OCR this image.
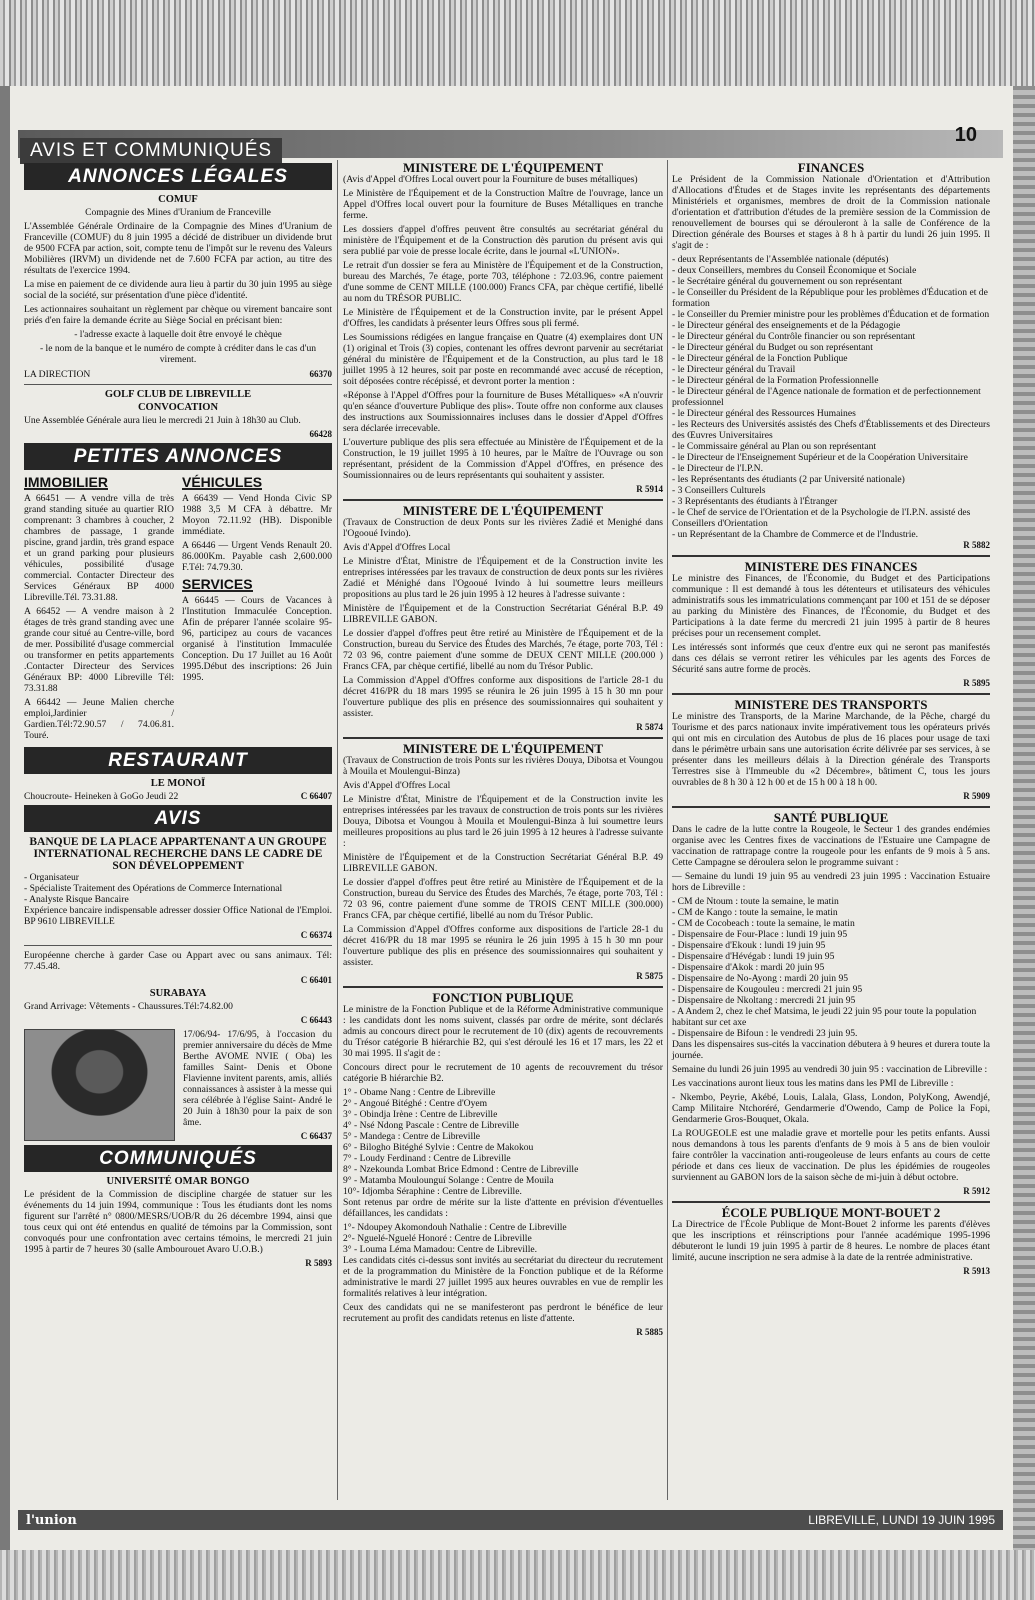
AVIS ET COMMUNIQUÉS
10
ANNONCES LÉGALES
COMUF

Compagnie des Mines d'Uranium de Franceville

L'Assemblée Générale Ordinaire de la Compagnie des Mines d'Uranium de Franceville (COMUF) du 8 juin 1995 a décidé de distribuer un dividende brut de 9500 FCFA par action, soit, compte tenu de l'impôt sur le revenu des Valeurs Mobilières (IRVM) un dividende net de 7.600 FCFA par action, au titre des résultats de l'exercice 1994.

La mise en paiement de ce dividende aura lieu à partir du 30 juin 1995 au siège social de la société, sur présentation d'une pièce d'identité.

Les actionnaires souhaitant un règlement par chèque ou virement bancaire sont priés d'en faire la demande écrite au Siège Social en précisant bien:

- l'adresse exacte à laquelle doit être envoyé le chèque

- le nom de la banque et le numéro de compte à créditer dans le cas d'un virement.

LA DIRECTION	66370
GOLF CLUB DE LIBREVILLE
CONVOCATION

Une Assemblée Générale aura lieu le mercredi 21 Juin à 18h30 au Club.

66428
PETITES ANNONCES
IMMOBILIER

A 66451 — A vendre villa de très grand standing située au quartier RIO comprenant: 3 chambres à coucher, 2 chambres de passage, 1 grande piscine, grand jardin, très grand espace et un grand parking pour plusieurs véhicules, possibilité d'usage commercial. Contacter Directeur des Services Généraux BP 4000 Libreville.Tél. 73.31.88.

A 66452 — A vendre maison à 2 étages de très grand standing avec une grande cour situé au Centre-ville, bord de mer. Possibilité d'usage commercial ou transformer en petits appartements .Contacter Directeur des Services Généraux BP: 4000 Libreville Tél: 73.31.88

A 66442 — Jeune Malien cherche emploi,Jardinier / Gardien.Tél:72.90.57 / 74.06.81. Touré.

VÉHICULES

A 66439 — Vend Honda Civic SP 1988 3,5 M CFA à débattre. Mr Moyon 72.11.92 (HB). Disponible immédiate.

A 66446 — Urgent Vends Renault 20. 86.000Km. Payable cash 2,600.000 F.Tél: 74.79.30.

SERVICES

A 66445 — Cours de Vacances à l'Institution Immaculée Conception. Afin de préparer l'année scolaire 95-96, participez au cours de vacances organisé à l'institution Immaculée Conception. Du 17 Juillet au 16 Août 1995.Début des inscriptions: 26 Juin 1995.

RESTAURANT
LE MONOÏ
Choucroute- Heineken à GoGo Jeudi 22	C 66407
AVIS
BANQUE DE LA PLACE APPARTENANT A UN GROUPE INTERNATIONAL RECHERCHE DANS LE CADRE DE SON DÉVELOPPEMENT
- Organisateur
- Spécialiste Traitement des Opérations de Commerce International
- Analyste Risque Bancaire

Expérience bancaire indispensable adresser dossier Office National de l'Emploi. BP 9610 LIBREVILLE

C 66374

Européenne cherche à garder Case ou Appart avec ou sans animaux. Tél: 77.45.48.

C 66401
SURABAYA

Grand Arrivage: Vêtements - Chaussures.Tél:74.82.00

C 66443

17/06/94- 17/6/95, à l'occasion du premier anniversaire du décès de Mme Berthe AVOME NVIE ( Oba) les familles Saint- Denis et Obone Flavienne invitent parents, amis, alliés connaissances à assister à la messe qui sera célébrée à l'église Saint- André le 20 Juin à 18h30 pour la paix de son âme.

C 66437
COMMUNIQUÉS
UNIVERSITÉ OMAR BONGO

Le président de la Commission de discipline chargée de statuer sur les événements du 14 juin 1994, communique : Tous les étudiants dont les noms figurent sur l'arrêté n° 0800/MESRS/UOB/R du 26 décembre 1994, ainsi que tous ceux qui ont été entendus en qualité de témoins par la Commission, sont convoqués pour une confrontation avec certains témoins, le mercredi 21 juin 1995 à partir de 7 heures 30 (salle Ambourouet Avaro U.O.B.)

R 5893
MINISTERE DE L'ÉQUIPEMENT

(Avis d'Appel d'Offres Local ouvert pour la Fourniture de buses métalliques)

Le Ministère de l'Équipement et de la Construction Maître de l'ouvrage, lance un Appel d'Offres local ouvert pour la fourniture de Buses Métalliques en tranche ferme.

Les dossiers d'appel d'offres peuvent être consultés au secrétariat général du ministère de l'Équipement et de la Construction dès parution du présent avis qui sera publié par voie de presse locale écrite, dans le journal «L'UNION».

Le retrait d'un dossier se fera au Ministère de l'Équipement et de la Construction, bureau des Marchés, 7e étage, porte 703, téléphone : 72.03.96, contre paiement d'une somme de CENT MILLE (100.000) Francs CFA, par chèque certifié, libellé au nom du TRÉSOR PUBLIC.

Le Ministère de l'Équipement et de la Construction invite, par le présent Appel d'Offres, les candidats à présenter leurs Offres sous pli fermé.

Les Soumissions rédigées en langue française en Quatre (4) exemplaires dont UN (1) original et Trois (3) copies, contenant les offres devront parvenir au secrétariat général du ministère de l'Équipement et de la Construction, au plus tard le 18 juillet 1995 à 12 heures, soit par poste en recommandé avec accusé de réception, soit déposées contre récépissé, et devront porter la mention :

«Réponse à l'Appel d'Offres pour la fourniture de Buses Métalliques» «A n'ouvrir qu'en séance d'ouverture Publique des plis». Toute offre non conforme aux clauses des instructions aux Soumissionnaires incluses dans le dossier d'Appel d'Offres sera déclarée irrecevable.

L'ouverture publique des plis sera effectuée au Ministère de l'Équipement et de la Construction, le 19 juillet 1995 à 10 heures, par le Maître de l'Ouvrage ou son représentant, président de la Commission d'Appel d'Offres, en présence des Soumissionnaires ou de leurs représentants qui souhaitent y assister.

R 5914
MINISTERE DE L'ÉQUIPEMENT

(Travaux de Construction de deux Ponts sur les rivières Zadié et Menighé dans l'Ogooué Ivindo).

Avis d'Appel d'Offres Local

Le Ministre d'État, Ministre de l'Équipement et de la Construction invite les entreprises intéressées par les travaux de construction de deux ponts sur les rivières Zadié et Ménighé dans l'Ogooué Ivindo à lui soumettre leurs meilleurs propositions au plus tard le 26 juin 1995 à 12 heures à l'adresse suivante :

Ministère de l'Équipement et de la Construction Secrétariat Général B.P. 49 LIBREVILLE GABON.

Le dossier d'appel d'offres peut être retiré au Ministère de l'Équipement et de la Construction, bureau du Service des Études des Marchés, 7e étage, porte 703, Tél : 72 03 96, contre paiement d'une somme de DEUX CENT MILLE (200.000 ) Francs CFA, par chèque certifié, libellé au nom du Trésor Public.

La Commission d'Appel d'Offres conforme aux dispositions de l'article 28-1 du décret 416/PR du 18 mars 1995 se réunira le 26 juin 1995 à 15 h 30 mn pour l'ouverture publique des plis en présence des soumissionnaires qui souhaitent y assister.

R 5874
MINISTERE DE L'ÉQUIPEMENT

(Travaux de Construction de trois Ponts sur les rivières Douya, Dibotsa et Voungou à Mouila et Moulengui-Binza)

Avis d'Appel d'Offres Local

Le Ministre d'État, Ministre de l'Équipement et de la Construction invite les entreprises intéressées par les travaux de construction de trois ponts sur les rivières Douya, Dibotsa et Voungou à Mouila et Moulengui-Binza à lui soumettre leurs meilleures propositions au plus tard le 26 juin 1995 à 12 heures à l'adresse suivante :

Ministère de l'Équipement et de la Construction Secrétariat Général B.P. 49 LIBREVILLE GABON.

Le dossier d'appel d'offres peut être retiré au Ministère de l'Équipement et de la Construction, bureau du Service des Études des Marchés, 7e étage, porte 703, Tél : 72 03 96, contre paiement d'une somme de TROIS CENT MILLE (300.000) Francs CFA, par chèque certifié, libellé au nom du Trésor Public.

La Commission d'Appel d'Offres conforme aux dispositions de l'article 28-1 du décret 416/PR du 18 mar 1995 se réunira le 26 juin 1995 à 15 h 30 mn pour l'ouverture publique des plis en présence des soumissionnaires qui souhaitent y assister.

R 5875
FONCTION PUBLIQUE

Le ministre de la Fonction Publique et de la Réforme Administrative communique : les candidats dont les noms suivent, classés par ordre de mérite, sont déclarés admis au concours direct pour le recrutement de 10 (dix) agents de recouvrements du Trésor catégorie B hiérarchie B2, qui s'est déroulé les 16 et 17 mars, les 22 et 30 mai 1995. Il s'agit de :

Concours direct pour le recrutement de 10 agents de recouvrement du trésor catégorie B hiérarchie B2.

1° - Obame Nang : Centre de Libreville
2° - Angoué Bitéghé : Centre d'Oyem
3° - Obindja Irène : Centre de Libreville
4° - Nsé Ndong Pascale : Centre de Libreville
5° - Mandega : Centre de Libreville
6° - Bilogho Bitéghé Sylvie : Centre de Makokou
7° - Loudy Ferdinand : Centre de Libreville
8° - Nzekounda Lombat Brice Edmond : Centre de Libreville
9° - Matamba Moulounguí Solange : Centre de Mouila
10°- Idjomba Séraphine : Centre de Libreville.

Sont retenus par ordre de mérite sur la liste d'attente en prévision d'éventuelles défaillances, les candidats :

1°- Ndoupey Akomondouh Nathalie : Centre de Libreville
2°- Nguelé-Nguelé Honoré : Centre de Libreville
3° - Louma Léma Mamadou: Centre de Libreville.

Les candidats cités ci-dessus sont invités au secrétariat du directeur du recrutement et de la programmation du Ministère de la Fonction publique et de la Réforme administrative le mardi 27 juillet 1995 aux heures ouvrables en vue de remplir les formalités relatives à leur intégration.

Ceux des candidats qui ne se manifesteront pas perdront le bénéfice de leur recrutement au profit des candidats retenus en liste d'attente.

R 5885
FINANCES

Le Président de la Commission Nationale d'Orientation et d'Attribution d'Allocations d'Études et de Stages invite les représentants des départements Ministériels et organismes, membres de droit de la Commission nationale d'orientation et d'attribution d'études de la première session de la Commission de renouvellement de bourses qui se dérouleront à la salle de Conférence de la Direction générale des Bourses et stages à 8 h à partir du lundi 26 juin 1995. Il s'agit de :

- deux Représentants de l'Assemblée nationale (députés)
- deux Conseillers, membres du Conseil Économique et Sociale
- le Secrétaire général du gouvernement ou son représentant
- le Conseiller du Président de la République pour les problèmes d'Éducation et de formation
- le Conseiller du Premier ministre pour les problèmes d'Éducation et de formation
- le Directeur général des enseignements et de la Pédagogie
- le Directeur général du Contrôle financier ou son représentant
- le Directeur général du Budget ou son représentant
- le Directeur général de la Fonction Publique
- le Directeur général du Travail
- le Directeur général de la Formation Professionnelle
- le Directeur général de l'Agence nationale de formation et de perfectionnement professionnel
- le Directeur général des Ressources Humaines
- les Recteurs des Universités assistés des Chefs d'Établissements et des Directeurs des Œuvres Universitaires
- le Commissaire général au Plan ou son représentant
- le Directeur de l'Enseignement Supérieur et de la Coopération Universitaire
- le Directeur de l'I.P.N.
- les Représentants des étudiants (2 par Université nationale)
- 3 Conseillers Culturels
- 3 Représentants des étudiants à l'Étranger
- le Chef de service de l'Orientation et de la Psychologie de l'I.P.N. assisté des Conseillers d'Orientation
- un Représentant de la Chambre de Commerce et de l'Industrie.
R 5882
MINISTERE DES FINANCES

Le ministre des Finances, de l'Économie, du Budget et des Participations communique : Il est demandé à tous les détenteurs et utilisateurs des véhicules administratifs sous les immatriculations commençant par 100 et 151 de se déposer au parking du Ministère des Finances, de l'Économie, du Budget et des Participations à la date ferme du mercredi 21 juin 1995 à partir de 8 heures précises pour un recensement complet.

Les intéressés sont informés que ceux d'entre eux qui ne seront pas manifestés dans ces délais se verront retirer les véhicules par les agents des Forces de Sécurité sans autre forme de procès.

R 5895
MINISTERE DES TRANSPORTS

Le ministre des Transports, de la Marine Marchande, de la Pêche, chargé du Tourisme et des parcs nationaux invite impérativement tous les opérateurs privés qui ont mis en circulation des Autobus de plus de 16 places pour usage de taxi dans le périmètre urbain sans une autorisation écrite délivrée par ses services, à se présenter dans les meilleurs délais à la Direction générale des Transports Terrestres sise à l'Immeuble du «2 Décembre», bâtiment C, tous les jours ouvrables de 8 h 30 à 12 h 00 et de 15 h 00 à 18 h 00.

R 5909
SANTÉ PUBLIQUE

Dans le cadre de la lutte contre la Rougeole, le Secteur 1 des grandes endémies organise avec les Centres fixes de vaccinations de l'Estuaire une Campagne de vaccination de rattrapage contre la rougeole pour les enfants de 9 mois à 5 ans. Cette Campagne se déroulera selon le programme suivant :

— Semaine du lundi 19 juin 95 au vendredi 23 juin 1995 : Vaccination Estuaire hors de Libreville :

- CM de Ntoum : toute la semaine, le matin
- CM de Kango : toute la semaine, le matin
- CM de Cocobeach : toute la semaine, le matin
- Dispensaire de Four-Place : lundi 19 juin 95
- Dispensaire d'Ekouk : lundi 19 juin 95
- Dispensaire d'Hévégab : lundi 19 juin 95
- Dispensaire d'Akok : mardi 20 juin 95
- Dispensaire de No-Ayong : mardi 20 juin 95
- Dispensaire de Kougouleu : mercredi 21 juin 95
- Dispensaire de Nkoltang : mercredi 21 juin 95
- A Andem 2, chez le chef Matsima, le jeudi 22 juin 95 pour toute la population habitant sur cet axe
- Dispensaire de Bifoun : le vendredi 23 juin 95.

Dans les dispensaires sus-cités la vaccination débutera à 9 heures et durera toute la journée.

Semaine du lundi 26 juin 1995 au vendredi 30 juin 95 : vaccination de Libreville :

Les vaccinations auront lieux tous les matins dans les PMI de Libreville :

- Nkembo, Peyrie, Akébé, Louis, Lalala, Glass, London, PolyKong, Awendjé, Camp Militaire Ntchoréré, Gendarmerie d'Owendo, Camp de Police la Fopi, Gendarmerie Gros-Bouquet, Okala.

La ROUGEOLE est une maladie grave et mortelle pour les petits enfants. Aussi nous demandons à tous les parents d'enfants de 9 mois à 5 ans de bien vouloir faire contrôler la vaccination anti-rougeoleuse de leurs enfants au cours de cette période et dans ces lieux de vaccination. De plus les épidémies de rougeoles surviennent au GABON lors de la saison sèche de mi-juin à début octobre.

R 5912
ÉCOLE PUBLIQUE MONT-BOUET 2

La Directrice de l'École Publique de Mont-Bouet 2 informe les parents d'élèves que les inscriptions et réinscriptions pour l'année académique 1995-1996 débuteront le lundi 19 juin 1995 à partir de 8 heures. Le nombre de places étant limité, aucune inscription ne sera admise à la date de la rentrée administrative.

R 5913
l'union	LIBREVILLE, LUNDI 19 JUIN 1995
